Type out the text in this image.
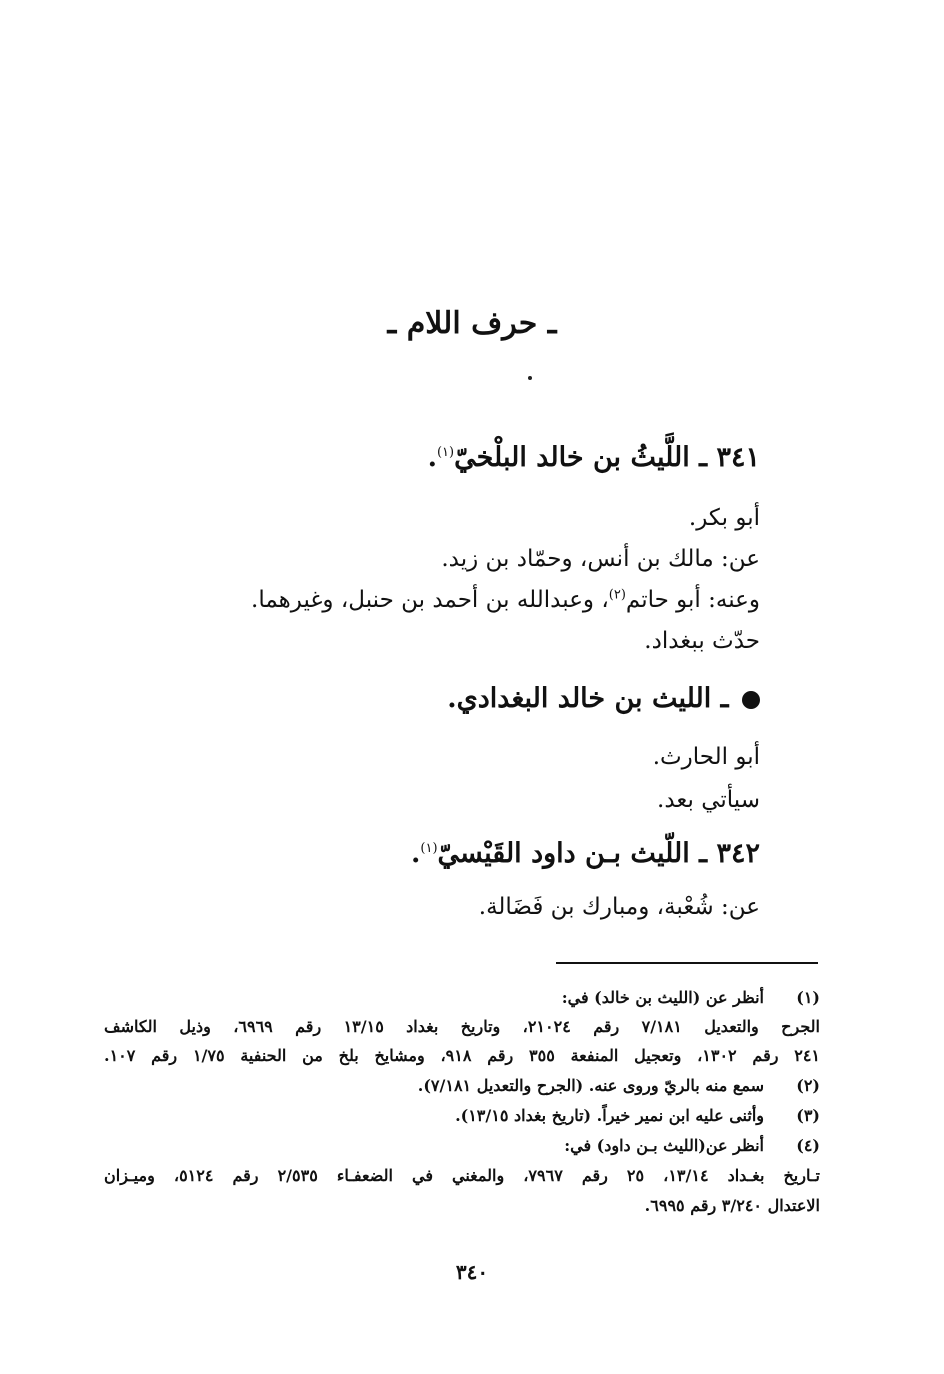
ـ حرف اللام ـ
٣٤١ ـ اللَّيثُ بن خالد البلْخيّ$^{(١)}$.
أبو بكر.
عن: مالك بن أنس، وحمّاد بن زيد.
وعنه: أبو حاتم$^{(٢)}$، وعبدالله بن أحمد بن حنبل، وغيرهما.
حدّث ببغداد.
ـ الليث بن خالد البغدادي.
أبو الحارث.
سيأتي بعد.
٣٤٢ ـ اللّيث بـن داود القَيْسيّ$^{(١)}$.
عن: شُعْبة، ومبارك بن فَضَالة.
(١)
أنظر عن (الليث بن خالد) في:
الجرح والتعديل ٧/١٨١ رقم ٢١٠٢٤، وتاريخ بغداد ١٣/١٥ رقم ٦٩٦٩، وذيل الكاشف
٢٤١ رقم ١٣٠٢، وتعجيل المنفعة ٣٥٥ رقم ٩١٨، ومشايخ بلخ من الحنفية ١/٧٥ رقم ١٠٧.
(٢)
سمع منه بالريّ وروى عنه. (الجرح والتعديل ٧/١٨١).
(٣)
وأثنى عليه ابن نمير خيراً. (تاريخ بغداد ١٣/١٥).
(٤)
أنظر عن(الليث بـن داود) في:
تـاريخ بغـداد ١٣/١٤، ٢٥ رقم ٧٩٦٧، والمغني في الضعفـاء ٢/٥٣٥ رقم ٥١٢٤، وميـزان
الاعتدال ٣/٢٤٠ رقم ٦٩٩٥.
٣٤٠
